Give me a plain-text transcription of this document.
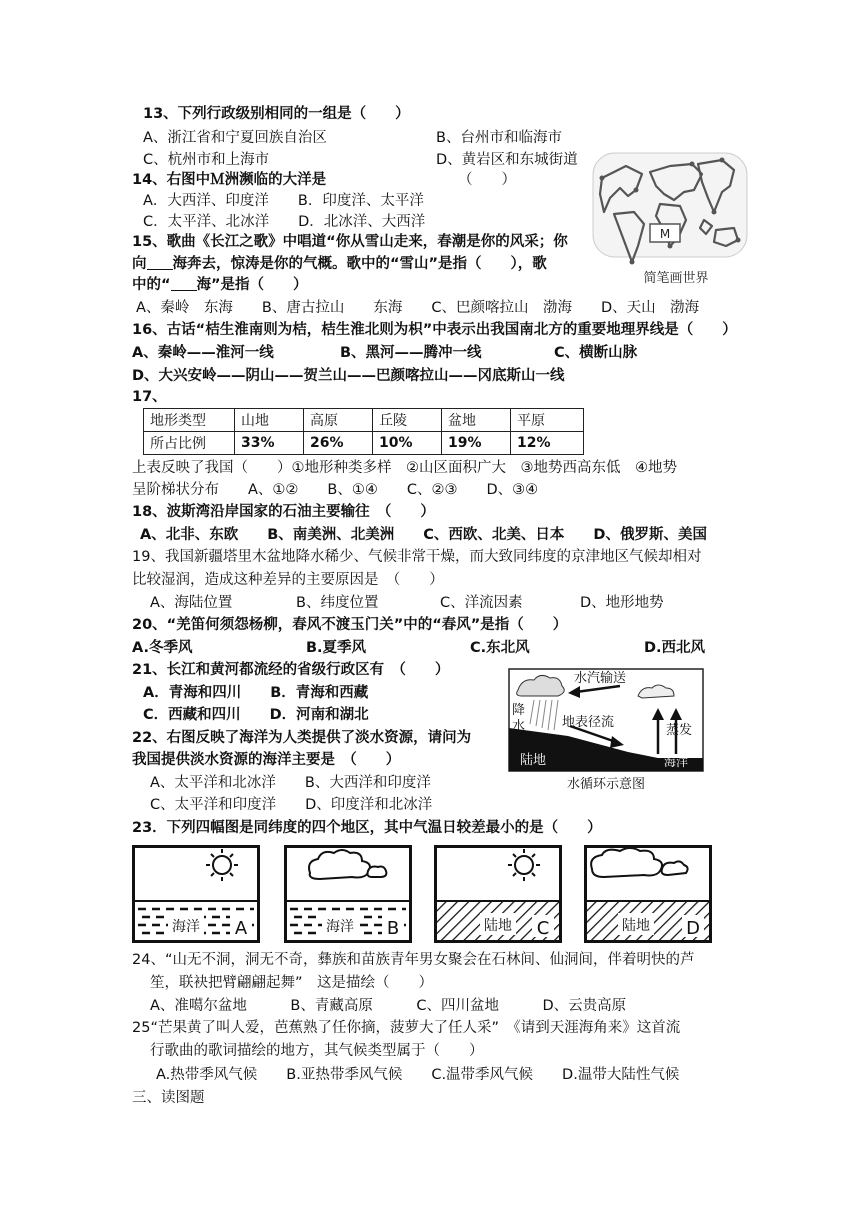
13、下列行政级别相同的一组是（　　）
A、浙江省和宁夏回族自治区	B、台州市和临海市
C、杭州市和上海市	D、黄岩区和东城街道
14、右图中Ｍ洲濒临的大洋是	（　　）
A．大西洋、印度洋　　B．印度洋、太平洋
C．太平洋、北冰洋　　D．北冰洋、大西洋
M
简笔画世界
15、歌曲《长江之歌》中唱道“你从雪山走来，春潮是你的风采；你
向 海奔去，惊涛是你的气概。歌中的“雪山”是指（　　），歌
中的“ 海”是指（　　）
A、秦岭　东海　　B、唐古拉山　　东海　　C、巴颜喀拉山　渤海　　D、天山　渤海
16、古话“桔生淮南则为桔，桔生淮北则为枳”中表示出我国南北方的重要地理界线是（　　）
A、秦岭——淮河一线	B、黑河——腾冲一线	C、横断山脉
D、大兴安岭——阴山——贺兰山——巴颜喀拉山——冈底斯山一线
17、
地形类型	山地	高原	丘陵	盆地	平原
所占比例	33%	26%	10%	19%	12%
上表反映了我国（　　）①地形种类多样　②山区面积广大　③地势西高东低　④地势
呈阶梯状分布　　A、①②　　B、①④　　C、②③　　D、③④
18、波斯湾沿岸国家的石油主要输往　（　　）
A、北非、东欧　　B、南美洲、北美洲　　C、西欧、北美、日本　　D、俄罗斯、美国
19、我国新疆塔里木盆地降水稀少、气候非常干燥，而大致同纬度的京津地区气候却相对
比较湿润，造成这种差异的主要原因是　（　　）
A、海陆位置	B、纬度位置	C、洋流因素	D、地形地势
20、“羌笛何须怨杨柳，春风不渡玉门关”中的“春风”是指（　　）
A.冬季风	B.夏季风	C.东北风	D.西北风
21、长江和黄河都流经的省级行政区有　（　　）
A．青海和四川　　B．青海和西藏
C．西藏和四川　　D．河南和湖北
22、右图反映了海洋为人类提供了淡水资源，请问为
我国提供淡水资源的海洋主要是　（　　）
A、太平洋和北冰洋　　B、大西洋和印度洋
C、太平洋和印度洋　　D、印度洋和北冰洋
水汽输送
降
水	地表径流
蒸发
陆地	海洋
水循环示意图
23．下列四幅图是同纬度的四个地区，其中气温日较差最小的是（　　）
海洋 A	海洋 B	陆地 C	陆地 D
24、“山无不洞，洞无不奇，彝族和苗族青年男女聚会在石林间、仙洞间，伴着明快的芦
笙，联袂把臂翩翩起舞”　这是描绘（　　）
A、准噶尔盆地　　　B、青藏高原　　　C、四川盆地　　　D、云贵高原
25“芒果黄了叫人爱，芭蕉熟了任你摘，菠萝大了任人采”　《请到天涯海角来》这首流
行歌曲的歌词描绘的地方，其气候类型属于（　　）
A.热带季风气候　　B.亚热带季风气候　　C.温带季风气候　　D.温带大陆性气候
三、读图题
